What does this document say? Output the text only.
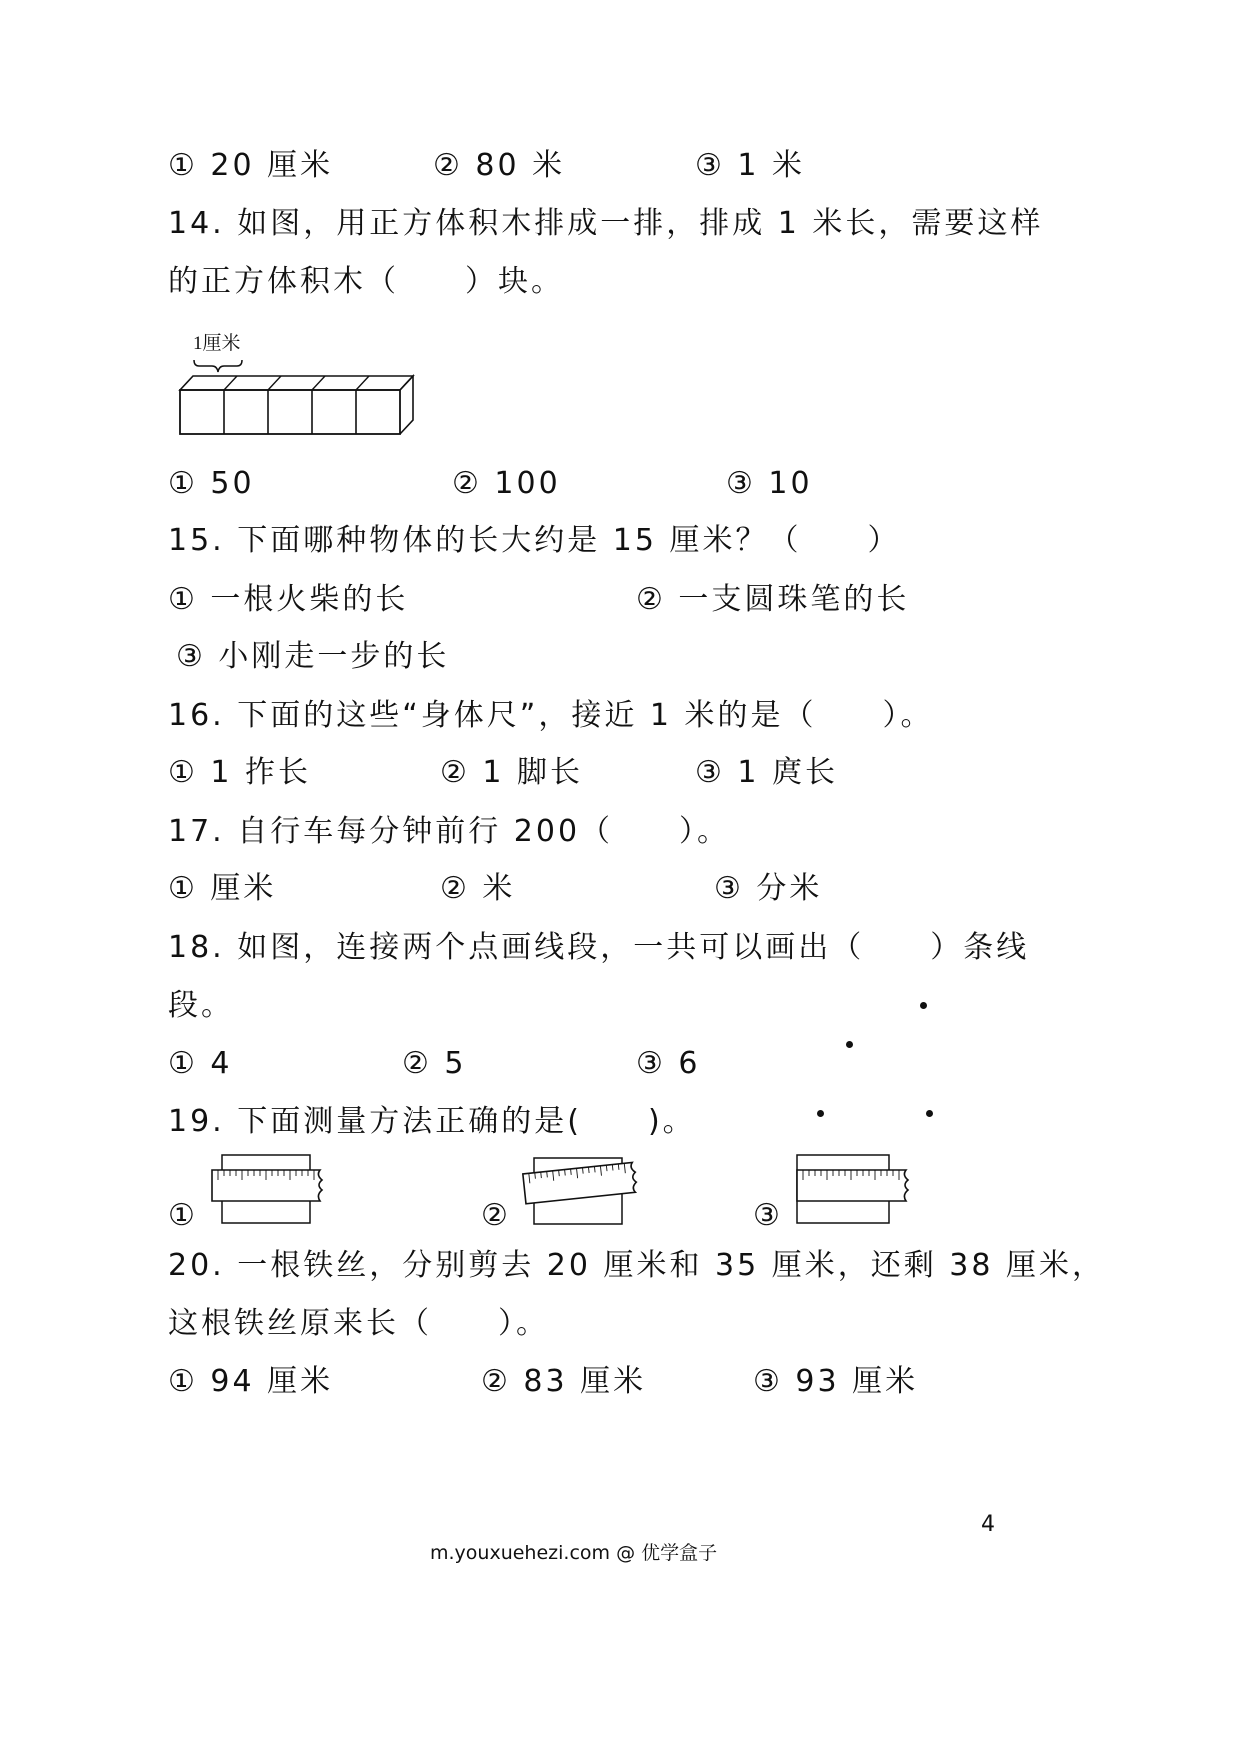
① 20 厘米	② 80 米	③ 1 米
14. 如图，用正方体积木排成一排，排成 1 米长，需要这样
的正方体积木（　　）块。
1厘米
① 50	② 100	③ 10
15. 下面哪种物体的长大约是 15 厘米？（　　）
① 一根火柴的长	② 一支圆珠笔的长
③ 小刚走一步的长
16. 下面的这些“身体尺”，接近 1 米的是（　　）。
① 1 拃长	② 1 脚长	③ 1 庹长
17. 自行车每分钟前行 200（　　）。
① 厘米	② 米	③ 分米
18. 如图，连接两个点画线段，一共可以画出（　　）条线
段。
① 4	② 5	③ 6
19. 下面测量方法正确的是(　　)。
①	②	③
20. 一根铁丝，分别剪去 20 厘米和 35 厘米，还剩 38 厘米，
这根铁丝原来长（　　）。
① 94 厘米	② 83 厘米	③ 93 厘米
4
m.youxuehezi.com @ 优学盒子
